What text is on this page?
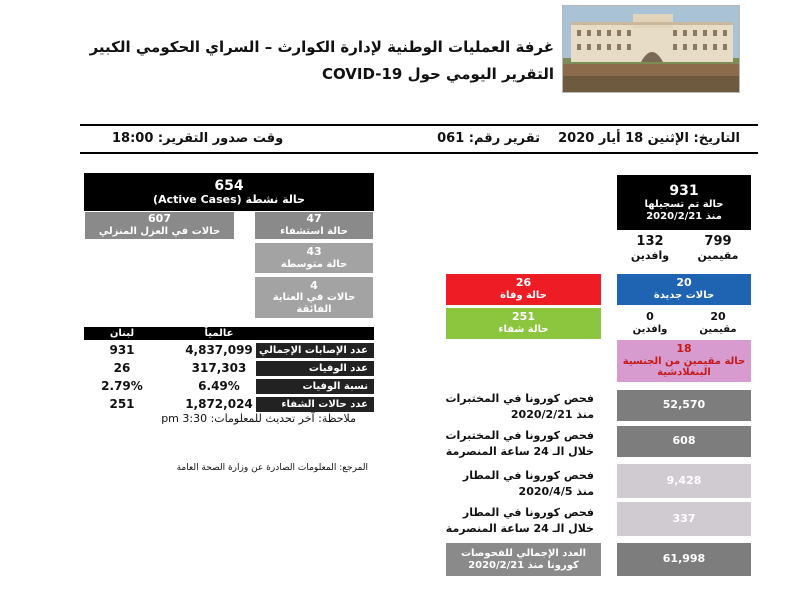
غرفة العمليات الوطنية لإدارة الكوارث – السراي الحكومي الكبير
التقرير اليومي حول COVID-19
التاريخ: الإثنين 18 أيار 2020
تقرير رقم: 061
وقت صدور التقرير: 18:00
654
حالة نشطة (Active Cases)
607
حالات في العزل المنزلي
47
حالة استشفاء
43
حالة متوسطة
4
حالات في العناية الفائقة
لبنان	عالمياً
931	4,837,099 عدد الإصابات الإجمالي
26	317,303	عدد الوفيات
2.79%	6.49%	نسبة الوفيات
251	1,872,024	عدد حالات الشفاء
ملاحظة: آخر تحديث للمعلومات: 3:30 pm
المرجع: المعلومات الصادرة عن وزارة الصحة العامة
931
حالة تم تسجيلها
منذ 2020/2/21
799
مقيمين
132
وافدين
26
حالة وفاة
20
حالات جديدة
251
حالة شفاء
20
مقيمين
0
وافدين
18
حالة مقيمين من الجنسية البنغلادشية
فحص كورونا في المختبرات منذ 2020/2/21
52,570
فحص كورونا في المختبرات خلال الـ 24 ساعة المنصرمة
608
فحص كورونا في المطار منذ 2020/4/5
9,428
فحص كورونا في المطار خلال الـ 24 ساعة المنصرمة
337
العدد الإجمالي للفحوصات كورونا منذ 2020/2/21	61,998
